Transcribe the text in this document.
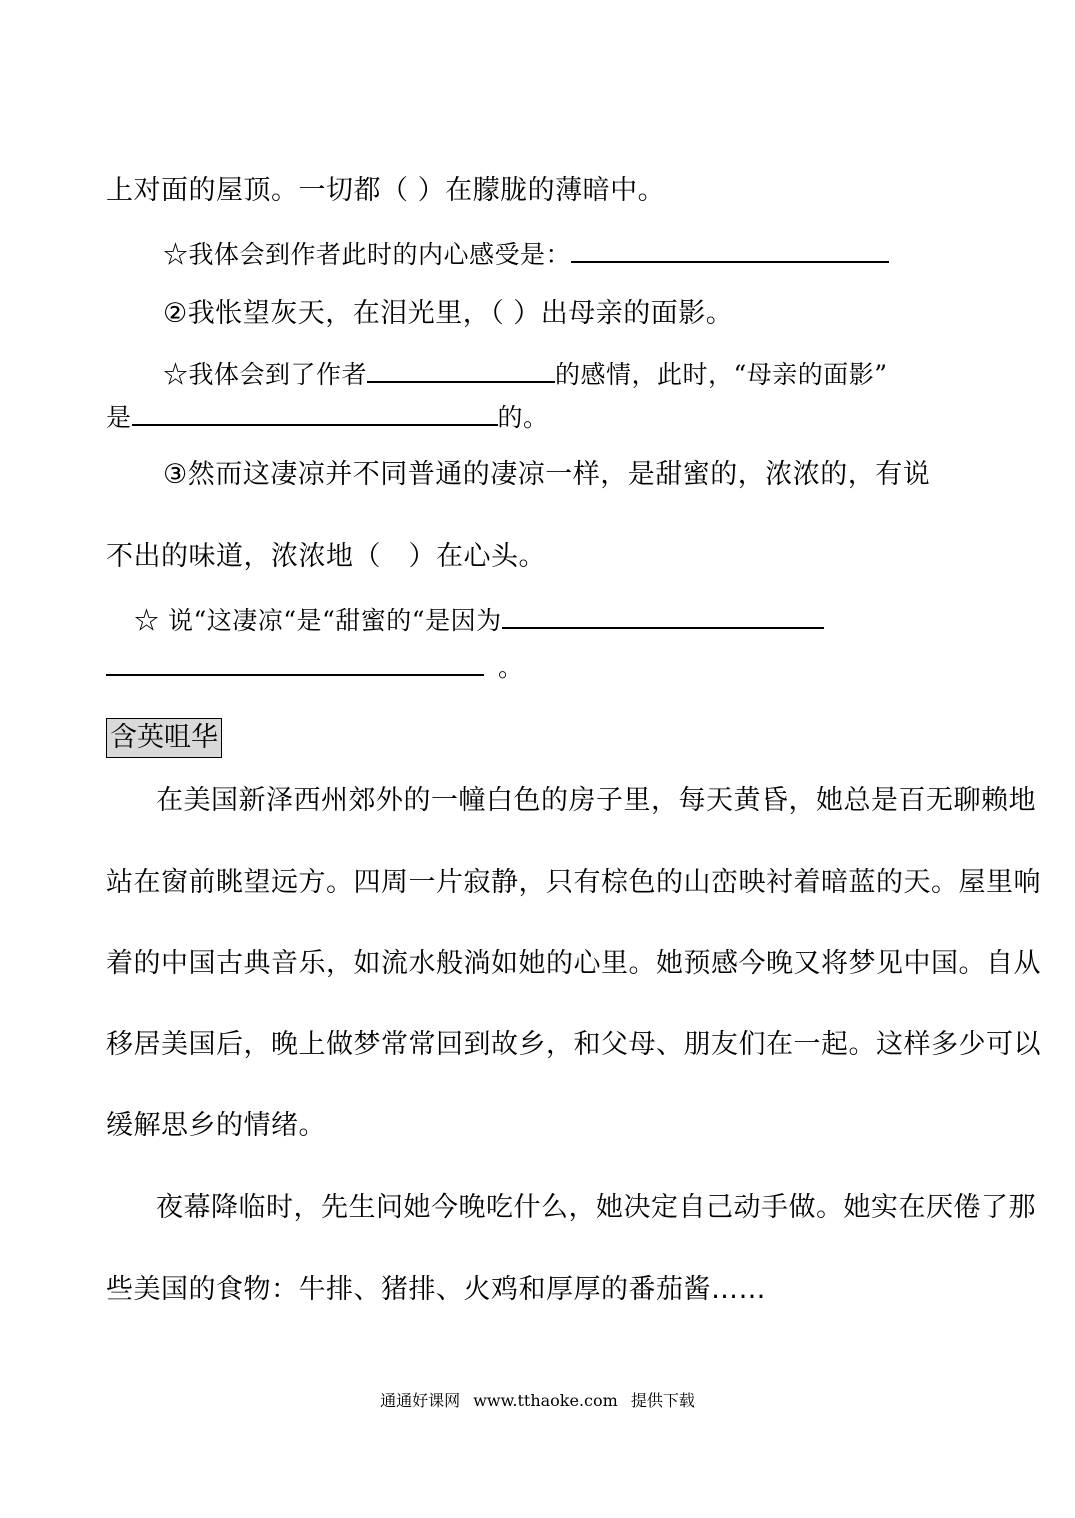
上对面的屋顶。一切都（ ）在朦胧的薄暗中。
☆我体会到作者此时的内心感受是：
②我怅望灰天，在泪光里，（ ）出母亲的面影。
☆我体会到了作者	的感情，此时，“母亲的面影”
是	的。
③然而这凄凉并不同普通的凄凉一样，是甜蜜的，浓浓的，有说
不出的味道，浓浓地（　）在心头。
☆ 说“这凄凉“是“甜蜜的“是因为
。
含英咀华
在美国新泽西州郊外的一幢白色的房子里，每天黄昏，她总是百无聊赖地
站在窗前眺望远方。四周一片寂静，只有棕色的山峦映衬着暗蓝的天。屋里响
着的中国古典音乐，如流水般淌如她的心里。她预感今晚又将梦见中国。自从
移居美国后，晚上做梦常常回到故乡，和父母、朋友们在一起。这样多少可以
缓解思乡的情绪。
夜幕降临时，先生问她今晚吃什么，她决定自己动手做。她实在厌倦了那
些美国的食物：牛排、猪排、火鸡和厚厚的番茄酱……
通通好课网 www.tthaoke.com 提供下载
